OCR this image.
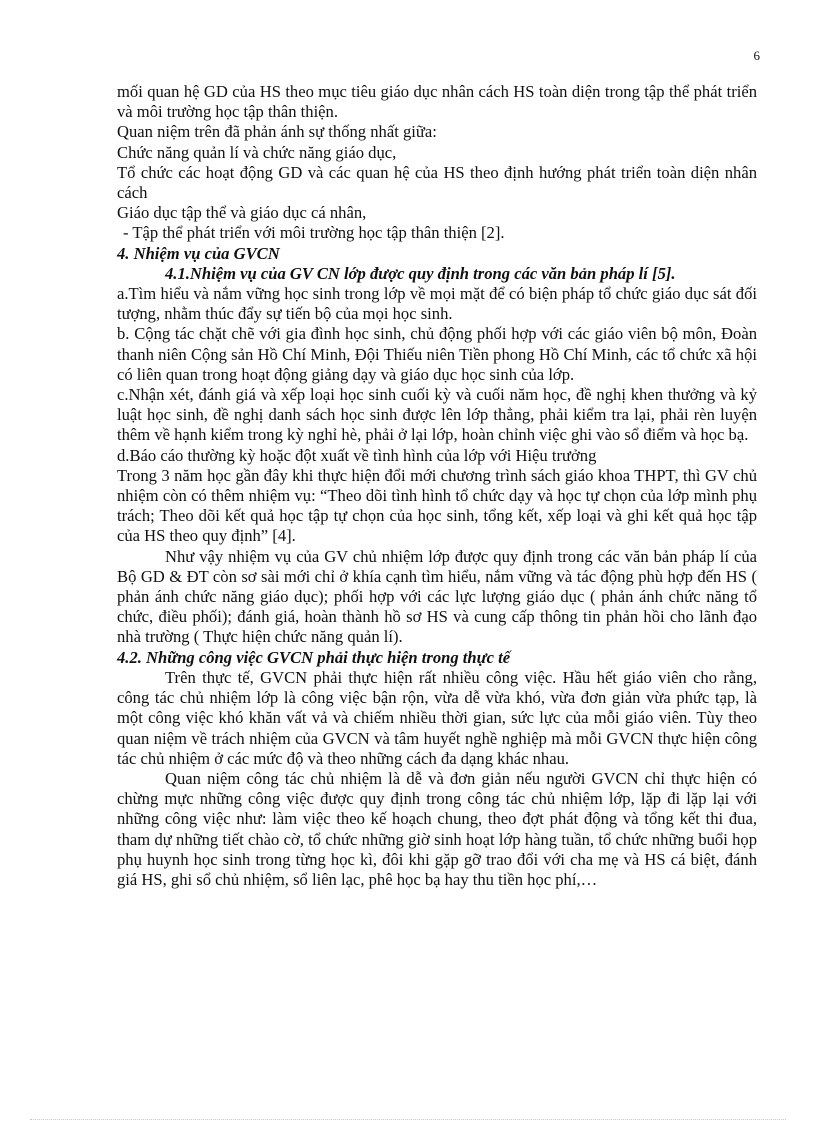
6

mối quan hệ GD của HS theo mục tiêu giáo dục nhân cách HS toàn diện trong tập thể phát triển và môi trường học tập thân thiện.

Quan niệm trên đã phản ánh sự thống nhất giữa:

Chức năng quản lí và chức năng giáo dục,

Tổ chức các hoạt động GD và các quan hệ của HS theo định hướng phát triển toàn diện nhân cách

Giáo dục tập thể và giáo dục cá nhân,

- Tập thể phát triển với môi trường học tập thân thiện [2].

4. Nhiệm vụ của GVCN

4.1.Nhiệm vụ của GV CN lớp được quy định trong các văn bản pháp lí [5].

a.Tìm hiểu và nắm vững học sinh trong lớp về mọi mặt để có biện pháp tổ chức giáo dục sát đối tượng, nhằm thúc đẩy sự tiến bộ của mọi học sinh.

b. Cộng tác chặt chẽ với gia đình học sinh, chủ động phối hợp với các giáo viên bộ môn, Đoàn thanh niên Cộng sản Hồ Chí Minh, Đội Thiếu niên Tiền phong Hồ Chí Minh, các tổ chức xã hội có liên quan trong hoạt động giảng dạy và giáo dục học sinh của lớp.

c.Nhận xét, đánh giá và xếp loại học sinh cuối kỳ và cuối năm học, đề nghị khen thưởng và kỷ luật học sinh, đề nghị danh sách học sinh được lên lớp thẳng, phải kiểm tra lại, phải rèn luyện thêm về hạnh kiểm trong kỳ nghỉ hè, phải ở lại lớp, hoàn chỉnh việc ghi vào sổ điểm và học bạ.

d.Báo cáo thường kỳ hoặc đột xuất về tình hình của lớp với Hiệu trưởng

Trong 3 năm học gần đây khi thực hiện đổi mới chương trình sách giáo khoa THPT, thì GV chủ nhiệm còn có thêm nhiệm vụ: “Theo dõi tình hình tổ chức dạy và học tự chọn của lớp mình phụ trách; Theo dõi kết quả học tập tự chọn của học sinh, tổng kết, xếp loại và ghi kết quả học tập của HS theo quy định” [4].

Như vậy nhiệm vụ của GV chủ nhiệm lớp được quy định trong các văn bản pháp lí của Bộ GD & ĐT còn sơ sài mới chỉ ở khía cạnh tìm hiểu, nắm vững và tác động phù hợp đến HS ( phản ánh chức năng giáo dục); phối hợp với các lực lượng giáo dục ( phản ánh chức năng tổ chức, điều phối); đánh giá, hoàn thành hồ sơ HS và cung cấp thông tin phản hồi cho lãnh đạo nhà trường ( Thực hiện chức năng quản lí).

4.2. Những công việc GVCN phải thực hiện trong thực tế

Trên thực tế, GVCN phải thực hiện rất nhiều công việc. Hầu hết giáo viên cho rằng, công tác chủ nhiệm lớp là công việc bận rộn, vừa dễ vừa khó, vừa đơn giản vừa phức tạp, là một công việc khó khăn vất vả và chiếm nhiều thời gian, sức lực của mỗi giáo viên. Tùy theo quan niệm về trách nhiệm của GVCN và tâm huyết nghề nghiệp mà mỗi GVCN thực hiện công tác chủ nhiệm ở các mức độ và theo những cách đa dạng khác nhau.

Quan niệm công tác chủ nhiệm là dễ và đơn giản nếu người GVCN chỉ thực hiện có chừng mực những công việc được quy định trong công tác chủ nhiệm lớp, lặp đi lặp lại với những công việc như: làm việc theo kế hoạch chung, theo đợt phát động và tổng kết thi đua, tham dự những tiết chào cờ, tổ chức những giờ sinh hoạt lớp hàng tuần, tổ chức những buổi họp phụ huynh học sinh trong từng học kì, đôi khi gặp gỡ trao đổi với cha mẹ và HS cá biệt, đánh giá HS, ghi sổ chủ nhiệm, sổ liên lạc, phê học bạ hay thu tiền học phí,…
